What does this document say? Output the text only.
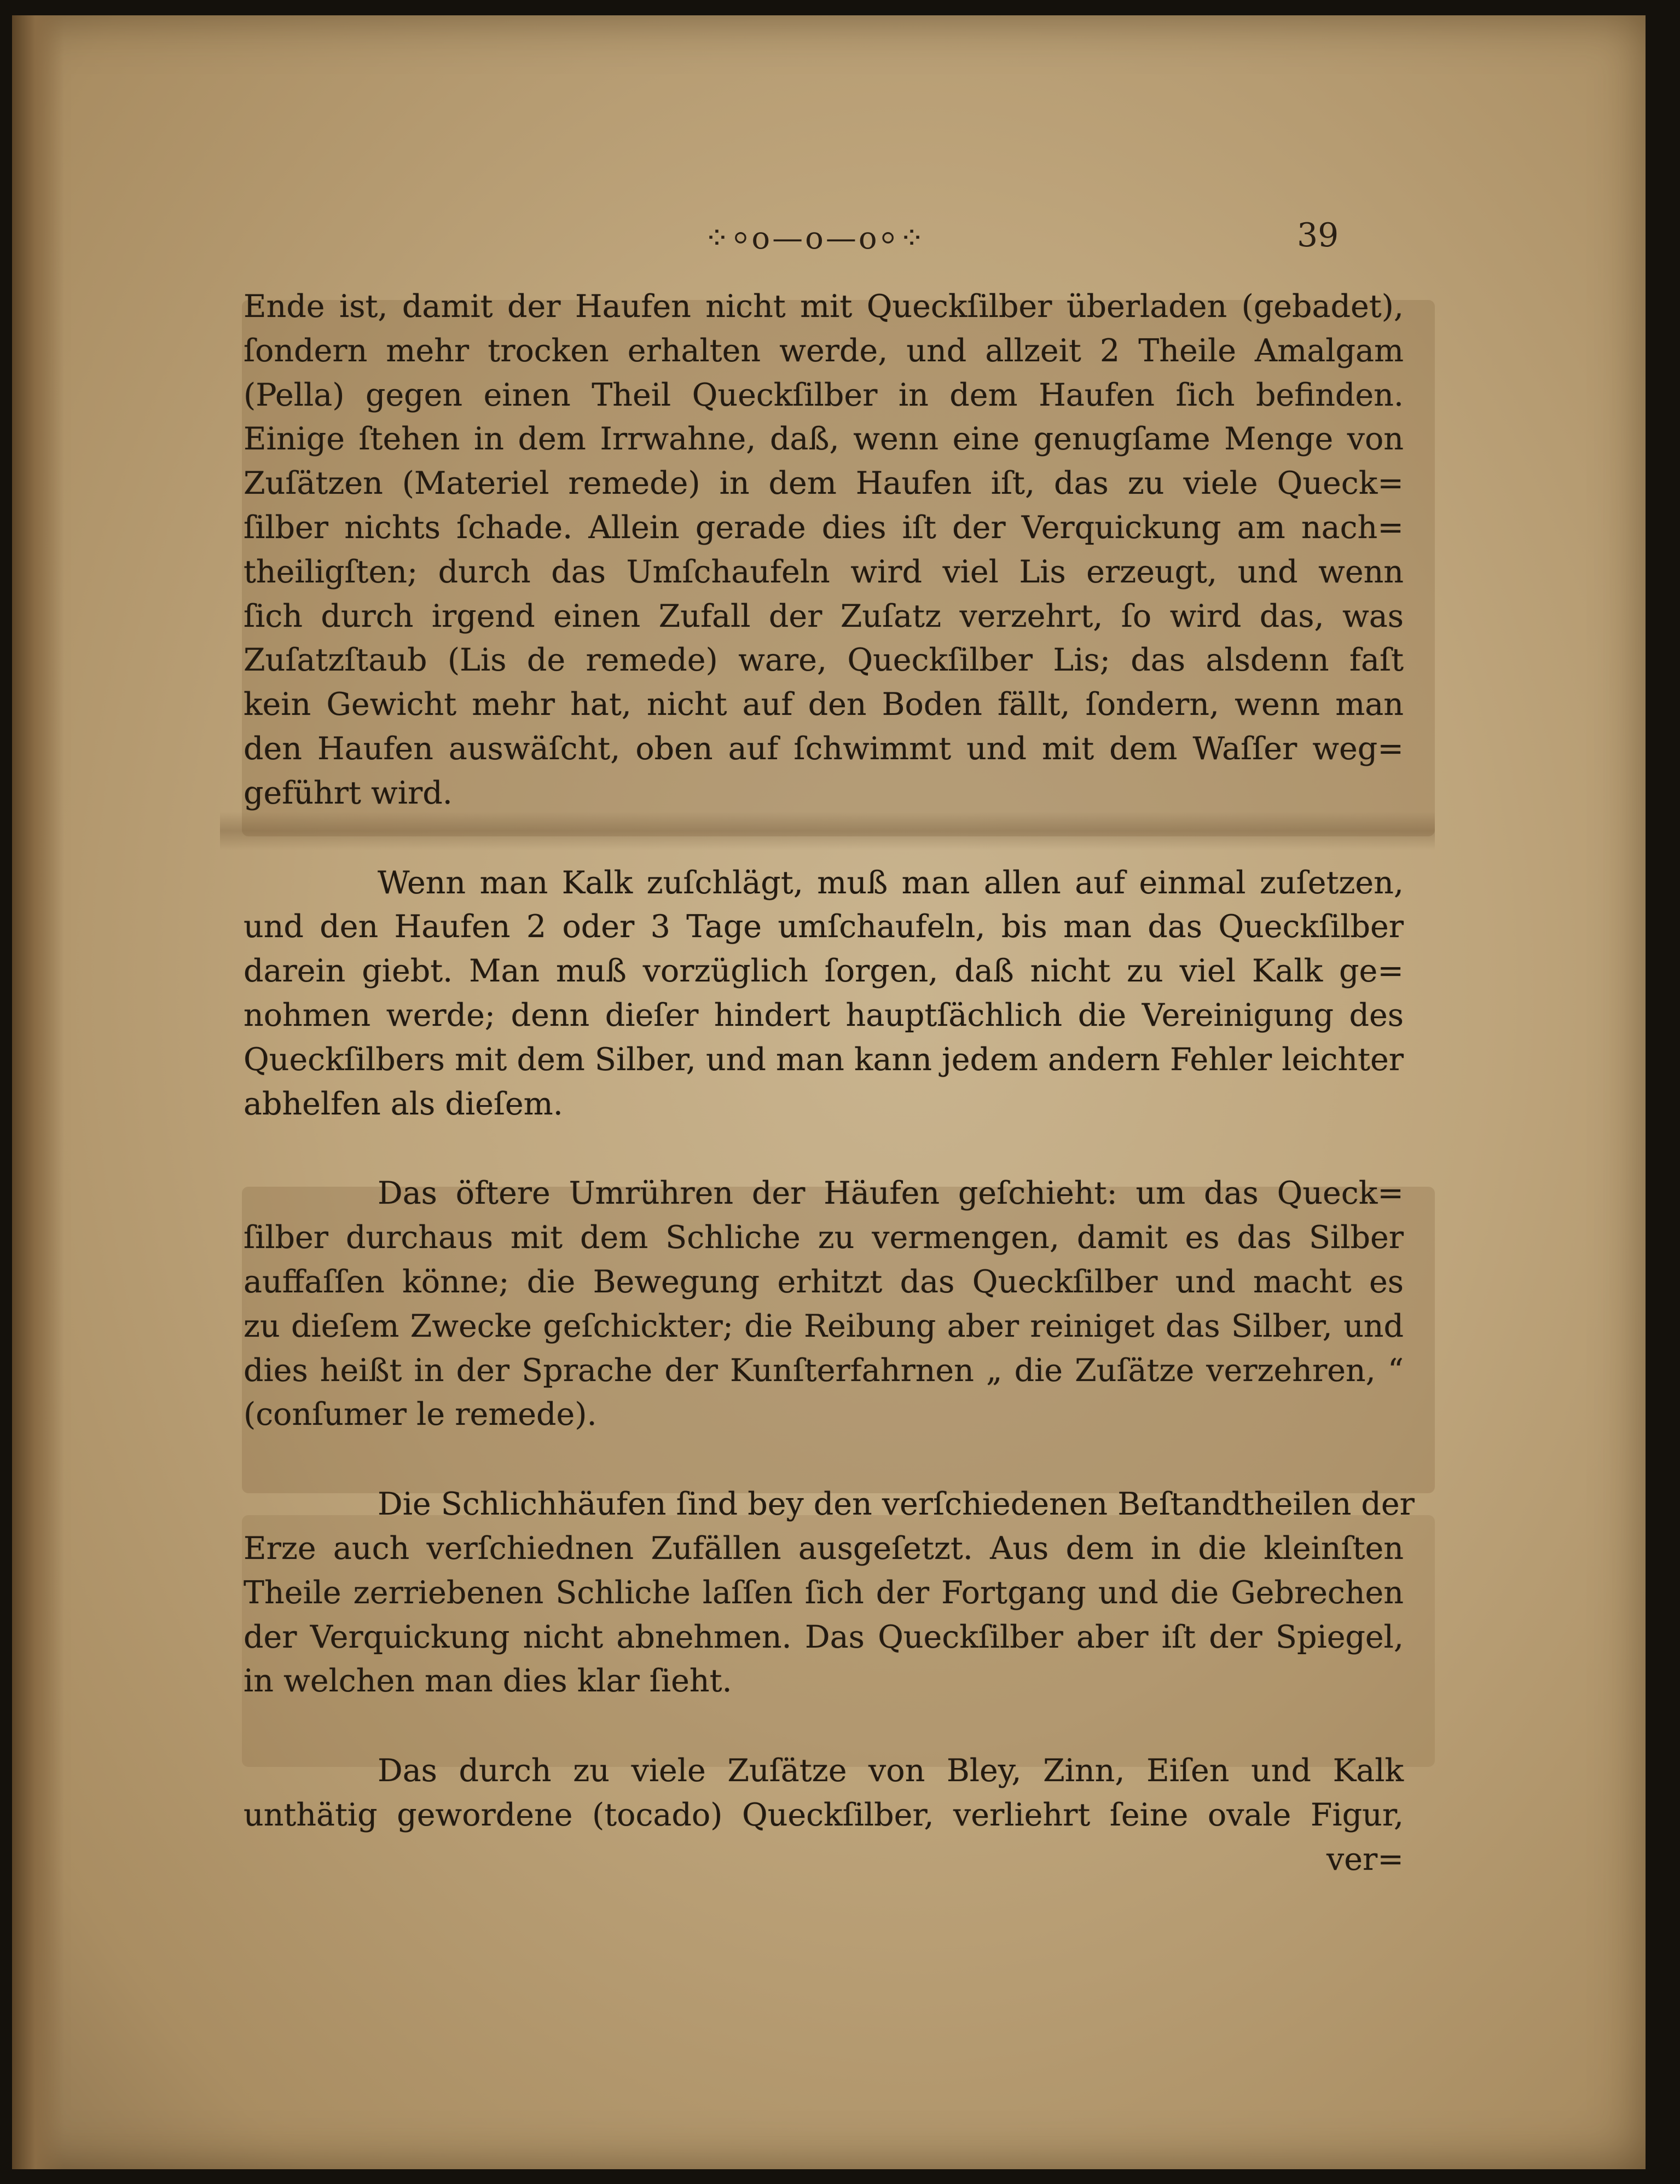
⁘⸰o—o—o⸰⁘	39
Ende ist, damit der Haufen nicht mit Queckſilber überladen (gebadet),
ſondern mehr trocken erhalten werde, und allzeit 2 Theile Amalgam
(Pella) gegen einen Theil Queckſilber in dem Haufen ſich befinden.
Einige ſtehen in dem Irrwahne, daß, wenn eine genugſame Menge von
Zuſätzen (Materiel remede) in dem Haufen iſt, das zu viele Queck=
ſilber nichts ſchade. Allein gerade dies iſt der Verquickung am nach=
theiligſten; durch das Umſchaufeln wird viel Lis erzeugt, und wenn
ſich durch irgend einen Zufall der Zuſatz verzehrt, ſo wird das, was
Zuſatzſtaub (Lis de remede) ware, Queckſilber Lis; das alsdenn faſt
kein Gewicht mehr hat, nicht auf den Boden fällt, ſondern, wenn man
den Haufen auswäſcht, oben auf ſchwimmt und mit dem Waſſer weg=
geführt wird.
Wenn man Kalk zuſchlägt, muß man allen auf einmal zuſetzen,
und den Haufen 2 oder 3 Tage umſchaufeln, bis man das Queckſilber
darein giebt. Man muß vorzüglich ſorgen, daß nicht zu viel Kalk ge=
nohmen werde; denn dieſer hindert hauptſächlich die Vereinigung des
Queckſilbers mit dem Silber, und man kann jedem andern Fehler leichter
abhelfen als dieſem.
Das öftere Umrühren der Häufen geſchieht: um das Queck=
ſilber durchaus mit dem Schliche zu vermengen, damit es das Silber
auffaſſen könne; die Bewegung erhitzt das Queckſilber und macht es
zu dieſem Zwecke geſchickter; die Reibung aber reiniget das Silber, und
dies heißt in der Sprache der Kunſterfahrnen „ die Zuſätze verzehren, “
(conſumer le remede).
Die Schlichhäufen ſind bey den verſchiedenen Beſtandtheilen der
Erze auch verſchiednen Zufällen ausgeſetzt. Aus dem in die kleinſten
Theile zerriebenen Schliche laſſen ſich der Fortgang und die Gebrechen
der Verquickung nicht abnehmen. Das Queckſilber aber iſt der Spiegel,
in welchen man dies klar ſieht.
Das durch zu viele Zuſätze von Bley, Zinn, Eiſen und Kalk
unthätig gewordene (tocado) Queckſilber, verliehrt ſeine ovale Figur,
ver=
